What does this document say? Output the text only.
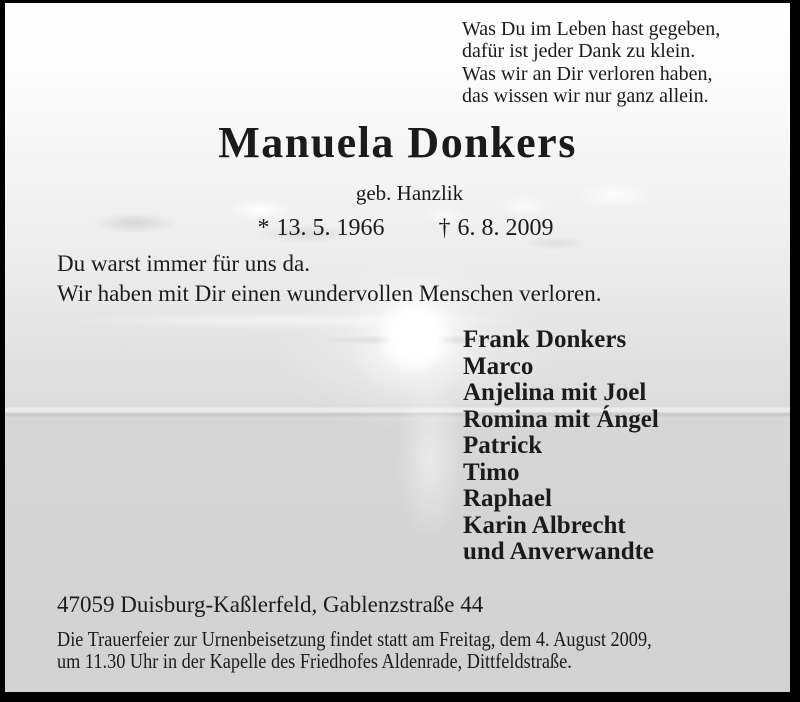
Was Du im Leben hast gegeben,
dafür ist jeder Dank zu klein.
Was wir an Dir verloren haben,
das wissen wir nur ganz allein.
Manuela Donkers
geb. Hanzlik
* 13. 5. 1966 † 6. 8. 2009
Du warst immer für uns da.
Wir haben mit Dir einen wundervollen Menschen verloren.
Frank Donkers
Marco
Anjelina mit Joel
Romina mit Ángel
Patrick
Timo
Raphael
Karin Albrecht
und Anverwandte
47059 Duisburg-Kaßlerfeld, Gablenzstraße 44
Die Trauerfeier zur Urnenbeisetzung findet statt am Freitag, dem 4. August 2009,
um 11.30 Uhr in der Kapelle des Friedhofes Aldenrade, Dittfeldstraße.
